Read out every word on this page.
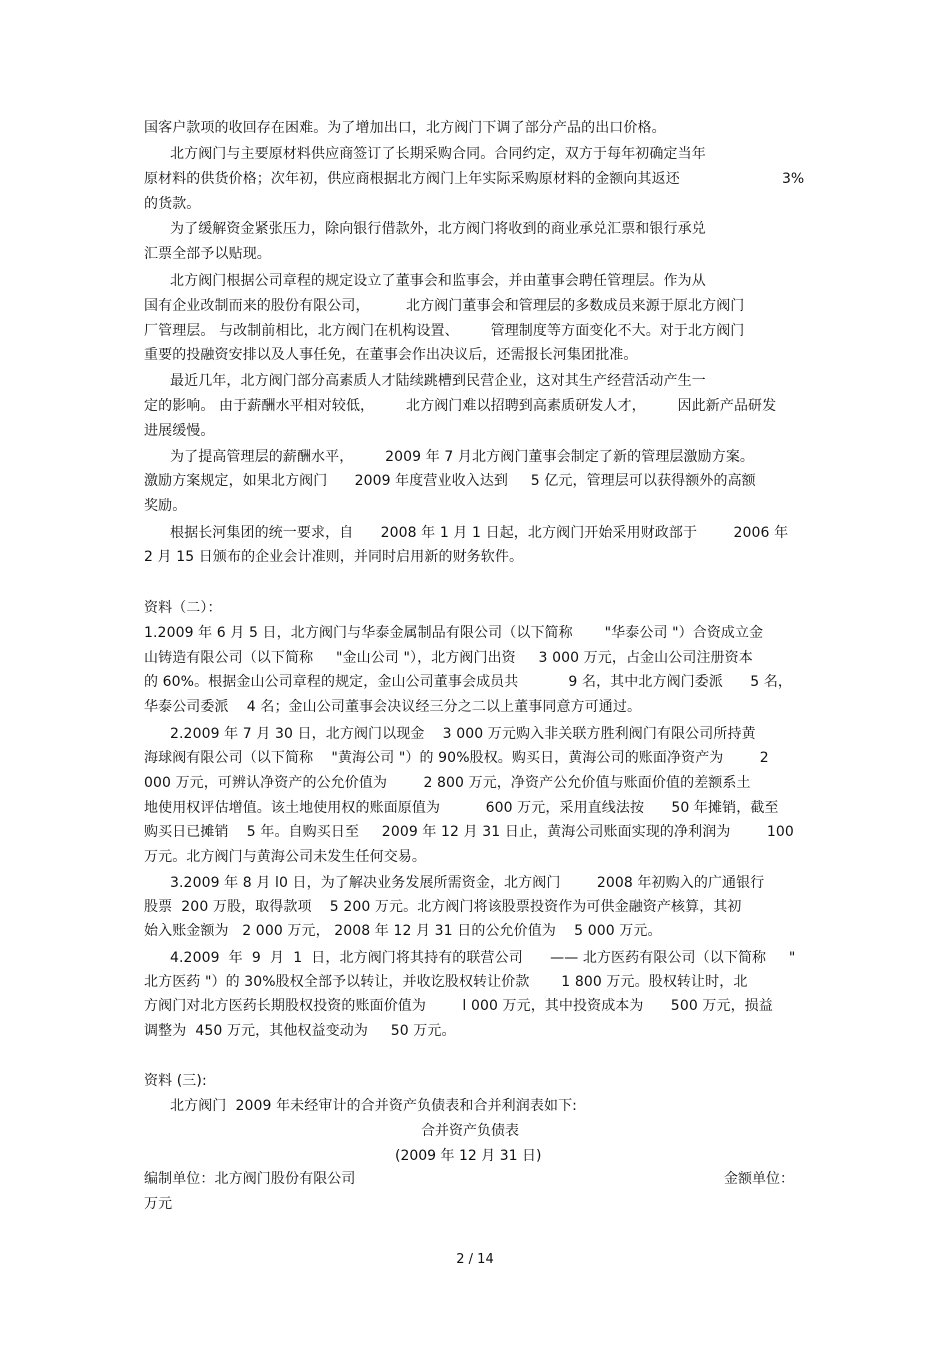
国客户款项的收回存在困难。为了增加出口，北方阀门下调了部分产品的出口价格。
北方阀门与主要原材料供应商签订了长期采购合同。合同约定，双方于每年初确定当年
原材料的供货价格；次年初，供应商根据北方阀门上年实际采购原材料的金额向其返还	3%
的货款。
为了缓解资金紧张压力，除向银行借款外，北方阀门将收到的商业承兑汇票和银行承兑
汇票全部予以贴现。
北方阀门根据公司章程的规定设立了董事会和监事会，并由董事会聘任管理层。作为从
国有企业改制而来的股份有限公司，        北方阀门董事会和管理层的多数成员来源于原北方阀门
厂管理层。 与改制前相比，北方阀门在机构设置、       管理制度等方面变化不大。对于北方阀门
重要的投融资安排以及人事任免，在董事会作出决议后，还需报长河集团批准。
最近几年，北方阀门部分高素质人才陆续跳槽到民营企业，这对其生产经营活动产生一
定的影响。 由于薪酬水平相对较低，       北方阀门难以招聘到高素质研发人才，       因此新产品研发
进展缓慢。
为了提高管理层的薪酬水平，       2009 年 7 月北方阀门董事会制定了新的管理层激励方案。
激励方案规定，如果北方阀门      2009 年度营业收入达到     5 亿元，管理层可以获得额外的高额
奖励。
根据长河集团的统一要求，自      2008 年 1 月 1 日起，北方阀门开始采用财政部于        2006 年
2 月 15 日颁布的企业会计准则，并同时启用新的财务软件。
资料（二）：
1.2009 年 6 月 5 日，北方阀门与华泰金属制品有限公司（以下简称       "华泰公司 "）合资成立金
山铸造有限公司（以下简称     "金山公司 "），北方阀门出资     3 000 万元，占金山公司注册资本
的 60%。根据金山公司章程的规定，金山公司董事会成员共           9 名，其中北方阀门委派      5 名，
华泰公司委派    4 名；金山公司董事会决议经三分之二以上董事同意方可通过。
2.2009 年 7 月 30 日，北方阀门以现金    3 000 万元购入非关联方胜利阀门有限公司所持黄
海球阀有限公司（以下简称    "黄海公司 "）的 90%股权。购买日，黄海公司的账面净资产为        2
000 万元，可辨认净资产的公允价值为        2 800 万元，净资产公允价值与账面价值的差额系土
地使用权评估增值。该土地使用权的账面原值为          600 万元，采用直线法按      50 年摊销，截至
购买日已摊销    5 年。自购买日至     2009 年 12 月 31 日止，黄海公司账面实现的净利润为        100
万元。北方阀门与黄海公司未发生任何交易。
3.2009 年 8 月 l0 日，为了解决业务发展所需资金，北方阀门        2008 年初购入的广通银行
股票  200 万股，取得款项    5 200 万元。北方阀门将该股票投资作为可供金融资产核算，其初
始入账金额为   2 000 万元， 2008 年 12 月 31 日的公允价值为    5 000 万元。
4.2009  年  9  月  1  日，北方阀门将其持有的联营公司      —— 北方医药有限公司（以下简称     "
北方医药 "）的 30%股权全部予以转让，并收讫股权转让价款       1 800 万元。股权转让时，北
方阀门对北方医药长期股权投资的账面价值为        l 000 万元，其中投资成本为      500 万元，损益
调整为  450 万元，其他权益变动为     50 万元。
资料 (三):
北方阀门  2009 年未经审计的合并资产负债表和合并利润表如下:
合并资产负债表
(2009 年 12 月 31 日)
编制单位：北方阀门股份有限公司	金额单位：
万元
2 / 14
